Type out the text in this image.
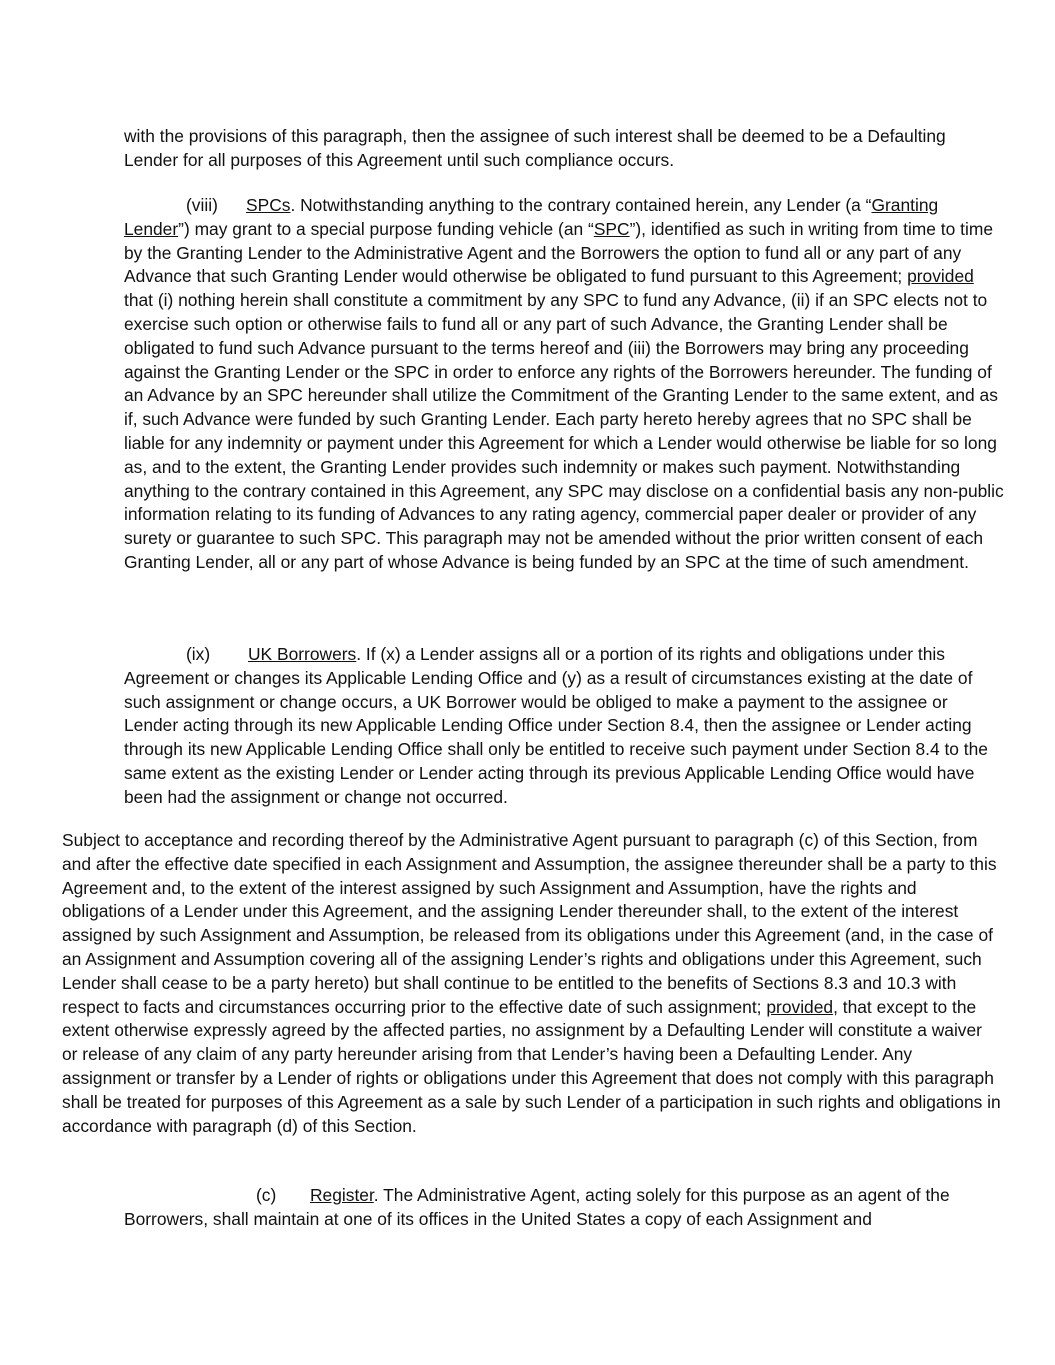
with the provisions of this paragraph, then the assignee of such interest shall be deemed to be a Defaulting Lender for all purposes of this Agreement until such compliance occurs.

(viii) SPCs. Notwithstanding anything to the contrary contained herein, any Lender (a “Granting Lender”) may grant to a special purpose funding vehicle (an “SPC”), identified as such in writing from time to time by the Granting Lender to the Administrative Agent and the Borrowers the option to fund all or any part of any Advance that such Granting Lender would otherwise be obligated to fund pursuant to this Agreement; provided that (i) nothing herein shall constitute a commitment by any SPC to fund any Advance, (ii) if an SPC elects not to exercise such option or otherwise fails to fund all or any part of such Advance, the Granting Lender shall be obligated to fund such Advance pursuant to the terms hereof and (iii) the Borrowers may bring any proceeding against the Granting Lender or the SPC in order to enforce any rights of the Borrowers hereunder. The funding of an Advance by an SPC hereunder shall utilize the Commitment of the Granting Lender to the same extent, and as if, such Advance were funded by such Granting Lender. Each party hereto hereby agrees that no SPC shall be liable for any indemnity or payment under this Agreement for which a Lender would otherwise be liable for so long as, and to the extent, the Granting Lender provides such indemnity or makes such payment. Notwithstanding anything to the contrary contained in this Agreement, any SPC may disclose on a confidential basis any non-public information relating to its funding of Advances to any rating agency, commercial paper dealer or provider of any surety or guarantee to such SPC. This paragraph may not be amended without the prior written consent of each Granting Lender, all or any part of whose Advance is being funded by an SPC at the time of such amendment.

(ix) UK Borrowers. If (x) a Lender assigns all or a portion of its rights and obligations under this Agreement or changes its Applicable Lending Office and (y) as a result of circumstances existing at the date of such assignment or change occurs, a UK Borrower would be obliged to make a payment to the assignee or Lender acting through its new Applicable Lending Office under Section 8.4, then the assignee or Lender acting through its new Applicable Lending Office shall only be entitled to receive such payment under Section 8.4 to the same extent as the existing Lender or Lender acting through its previous Applicable Lending Office would have been had the assignment or change not occurred.

Subject to acceptance and recording thereof by the Administrative Agent pursuant to paragraph (c) of this Section, from and after the effective date specified in each Assignment and Assumption, the assignee thereunder shall be a party to this Agreement and, to the extent of the interest assigned by such Assignment and Assumption, have the rights and obligations of a Lender under this Agreement, and the assigning Lender thereunder shall, to the extent of the interest assigned by such Assignment and Assumption, be released from its obligations under this Agreement (and, in the case of an Assignment and Assumption covering all of the assigning Lender’s rights and obligations under this Agreement, such Lender shall cease to be a party hereto) but shall continue to be entitled to the benefits of Sections 8.3 and 10.3 with respect to facts and circumstances occurring prior to the effective date of such assignment; provided, that except to the extent otherwise expressly agreed by the affected parties, no assignment by a Defaulting Lender will constitute a waiver or release of any claim of any party hereunder arising from that Lender’s having been a Defaulting Lender. Any assignment or transfer by a Lender of rights or obligations under this Agreement that does not comply with this paragraph shall be treated for purposes of this Agreement as a sale by such Lender of a participation in such rights and obligations in accordance with paragraph (d) of this Section.

(c) Register. The Administrative Agent, acting solely for this purpose as an agent of the Borrowers, shall maintain at one of its offices in the United States a copy of each Assignment and
